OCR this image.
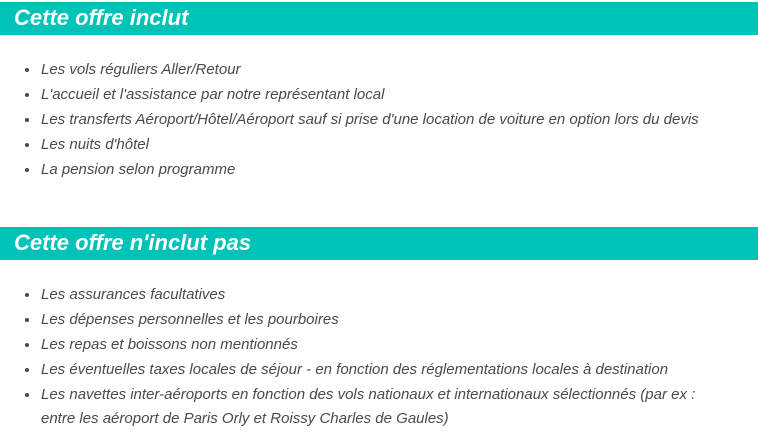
Cette offre inclut
• Les vols réguliers Aller/Retour
• L'accueil et l'assistance par notre représentant local
• Les transferts Aéroport/Hôtel/Aéroport sauf si prise d'une location de voiture en option lors du devis
• Les nuits d'hôtel
• La pension selon programme
Cette offre n'inclut pas
• Les assurances facultatives
• Les dépenses personnelles et les pourboires
• Les repas et boissons non mentionnés
• Les éventuelles taxes locales de séjour - en fonction des réglementations locales à destination
• Les navettes inter-aéroports en fonction des vols nationaux et internationaux sélectionnés (par ex : entre les aéroport de Paris Orly et Roissy Charles de Gaules)
